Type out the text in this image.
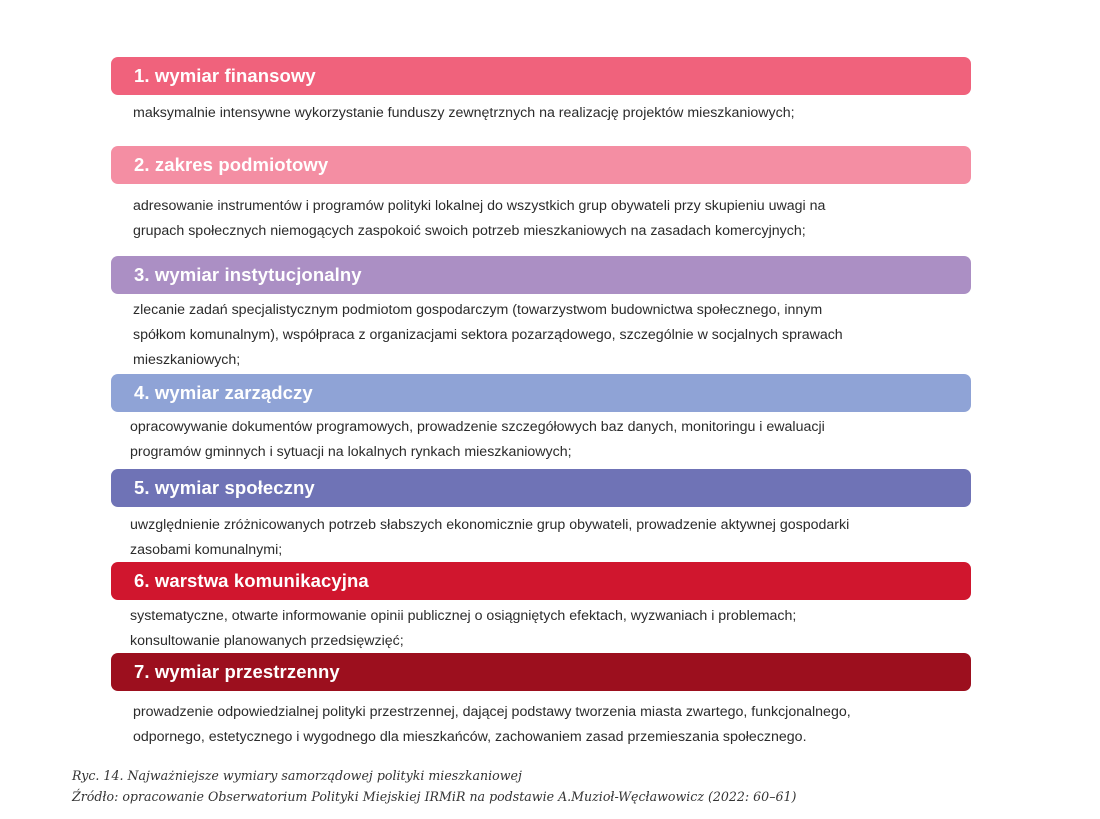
1. wymiar finansowy
maksymalnie intensywne wykorzystanie funduszy zewnętrznych na realizację projektów mieszkaniowych;
2. zakres podmiotowy
adresowanie instrumentów i programów polityki lokalnej do wszystkich grup obywateli przy skupieniu uwagi na
grupach społecznych niemogących zaspokoić swoich potrzeb mieszkaniowych na zasadach komercyjnych;
3. wymiar instytucjonalny
zlecanie zadań specjalistycznym podmiotom gospodarczym (towarzystwom budownictwa społecznego, innym
spółkom komunalnym), współpraca z organizacjami sektora pozarządowego, szczególnie w socjalnych sprawach
mieszkaniowych;
4. wymiar zarządczy
opracowywanie dokumentów programowych, prowadzenie szczegółowych baz danych, monitoringu i ewaluacji
programów gminnych i sytuacji na lokalnych rynkach mieszkaniowych;
5. wymiar społeczny
uwzględnienie zróżnicowanych potrzeb słabszych ekonomicznie grup obywateli, prowadzenie aktywnej gospodarki
zasobami komunalnymi;
6. warstwa komunikacyjna
systematyczne, otwarte informowanie opinii publicznej o osiągniętych efektach, wyzwaniach i problemach;
konsultowanie planowanych przedsięwzięć;
7. wymiar przestrzenny
prowadzenie odpowiedzialnej polityki przestrzennej, dającej podstawy tworzenia miasta zwartego, funkcjonalnego,
odpornego, estetycznego i wygodnego dla mieszkańców, zachowaniem zasad przemieszania społecznego.
Ryc. 14. Najważniejsze wymiary samorządowej polityki mieszkaniowej
Źródło: opracowanie Obserwatorium Polityki Miejskiej IRMiR na podstawie A.Muzioł-Węcławowicz (2022: 60–61)
